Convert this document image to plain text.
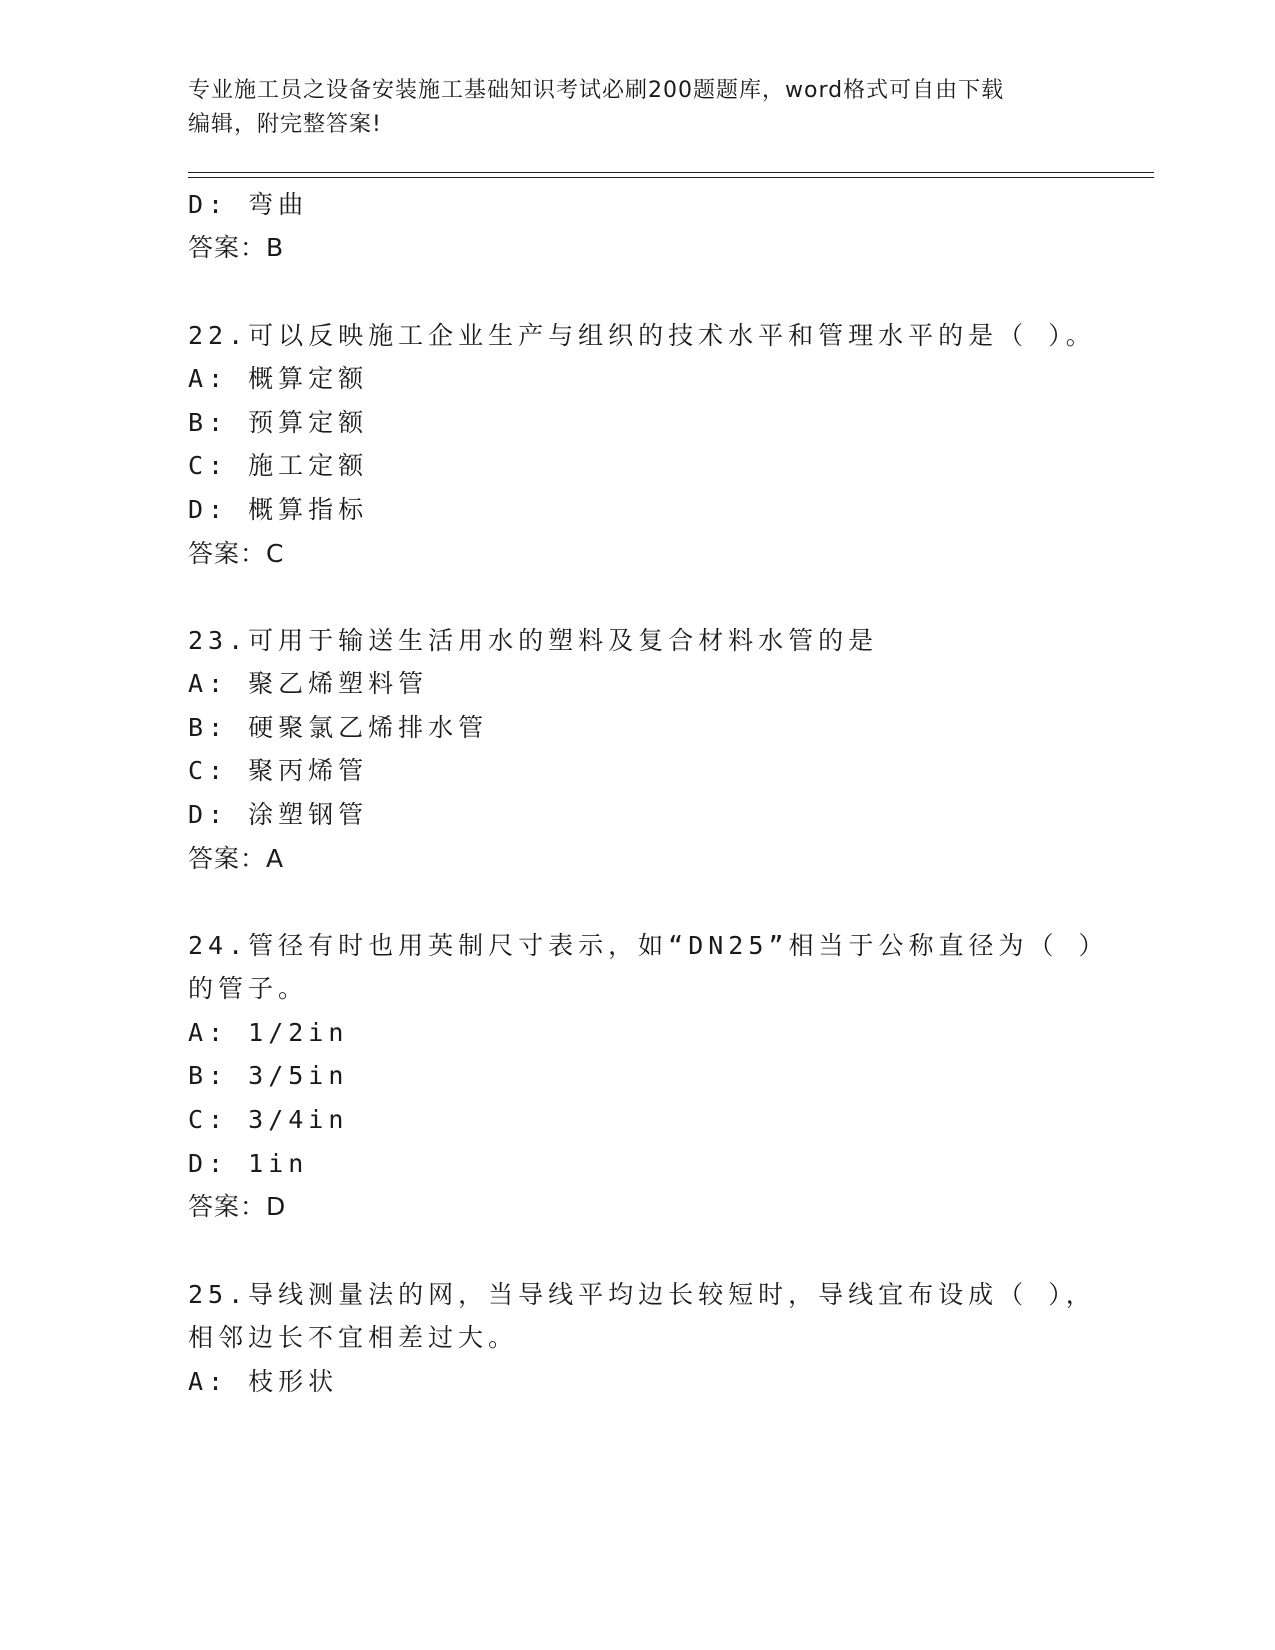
专业施工员之设备安装施工基础知识考试必刷200题题库，word格式可自由下载
编辑，附完整答案!
D: 弯曲
答案：B
22.可以反映施工企业生产与组织的技术水平和管理水平的是（ ）。
A: 概算定额
B: 预算定额
C: 施工定额
D: 概算指标
答案：C
23.可用于输送生活用水的塑料及复合材料水管的是
A: 聚乙烯塑料管
B: 硬聚氯乙烯排水管
C: 聚丙烯管
D: 涂塑钢管
答案：A
24.管径有时也用英制尺寸表示，如“DN25”相当于公称直径为（ ）
的管子。
A: 1/2in
B: 3/5in
C: 3/4in
D: 1in
答案：D
25.导线测量法的网，当导线平均边长较短时，导线宜布设成（ ），
相邻边长不宜相差过大。
A: 枝形状
